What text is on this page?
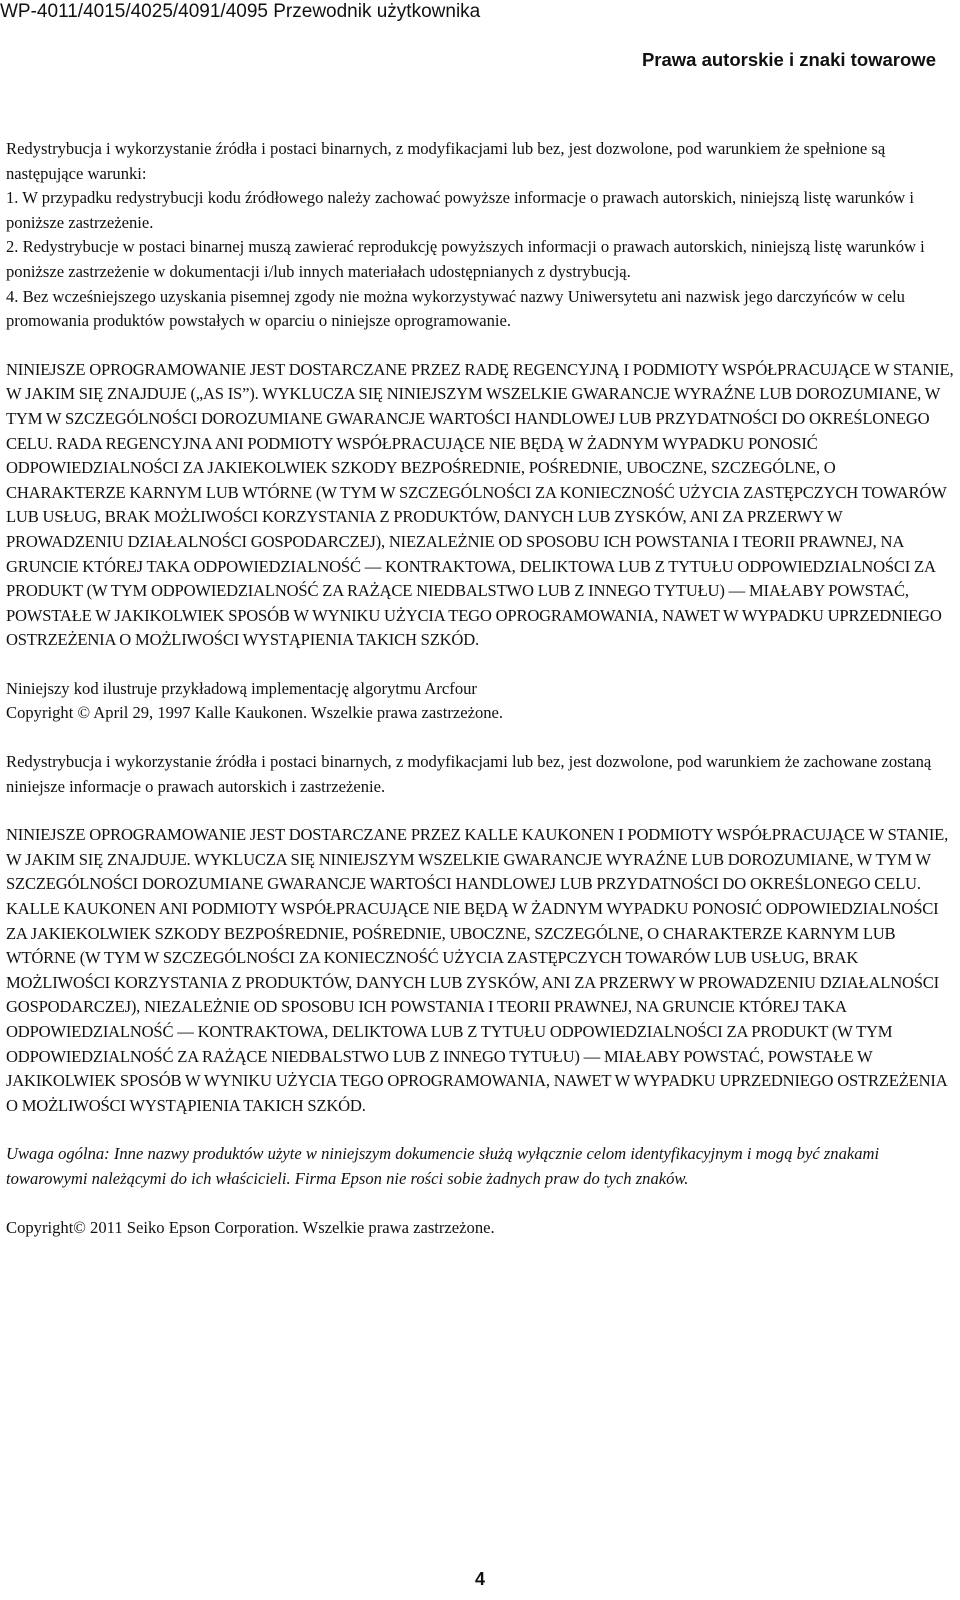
WP-4011/4015/4025/4091/4095 Przewodnik użytkownika
Prawa autorskie i znaki towarowe

Redystrybucja i wykorzystanie źródła i postaci binarnych, z modyfikacjami lub bez, jest dozwolone, pod warunkiem że spełnione są następujące warunki:

1. W przypadku redystrybucji kodu źródłowego należy zachować powyższe informacje o prawach autorskich, niniejszą listę warunków i poniższe zastrzeżenie.

2. Redystrybucje w postaci binarnej muszą zawierać reprodukcję powyższych informacji o prawach autorskich, niniejszą listę warunków i poniższe zastrzeżenie w dokumentacji i/lub innych materiałach udostępnianych z dystrybucją.

4. Bez wcześniejszego uzyskania pisemnej zgody nie można wykorzystywać nazwy Uniwersytetu ani nazwisk jego darczyńców w celu promowania produktów powstałych w oparciu o niniejsze oprogramowanie.

NINIEJSZE OPROGRAMOWANIE JEST DOSTARCZANE PRZEZ RADĘ REGENCYJNĄ I PODMIOTY WSPÓŁPRACUJĄCE W STANIE, W JAKIM SIĘ ZNAJDUJE („AS IS”). WYKLUCZA SIĘ NINIEJSZYM WSZELKIE GWARANCJE WYRAŹNE LUB DOROZUMIANE, W TYM W SZCZEGÓLNOŚCI DOROZUMIANE GWARANCJE WARTOŚCI HANDLOWEJ LUB PRZYDATNOŚCI DO OKREŚLONEGO CELU. RADA REGENCYJNA ANI PODMIOTY WSPÓŁPRACUJĄCE NIE BĘDĄ W ŻADNYM WYPADKU PONOSIĆ ODPOWIEDZIALNOŚCI ZA JAKIEKOLWIEK SZKODY BEZPOŚREDNIE, POŚREDNIE, UBOCZNE, SZCZEGÓLNE, O CHARAKTERZE KARNYM LUB WTÓRNE (W TYM W SZCZEGÓLNOŚCI ZA KONIECZNOŚĆ UŻYCIA ZASTĘPCZYCH TOWARÓW LUB USŁUG, BRAK MOŻLIWOŚCI KORZYSTANIA Z PRODUKTÓW, DANYCH LUB ZYSKÓW, ANI ZA PRZERWY W PROWADZENIU DZIAŁALNOŚCI GOSPODARCZEJ), NIEZALEŻNIE OD SPOSOBU ICH POWSTANIA I TEORII PRAWNEJ, NA GRUNCIE KTÓREJ TAKA ODPOWIEDZIALNOŚĆ — KONTRAKTOWA, DELIKTOWA LUB Z TYTUŁU ODPOWIEDZIALNOŚCI ZA PRODUKT (W TYM ODPOWIEDZIALNOŚĆ ZA RAŻĄCE NIEDBALSTWO LUB Z INNEGO TYTUŁU) — MIAŁABY POWSTAĆ, POWSTAŁE W JAKIKOLWIEK SPOSÓB W WYNIKU UŻYCIA TEGO OPROGRAMOWANIA, NAWET W WYPADKU UPRZEDNIEGO OSTRZEŻENIA O MOŻLIWOŚCI WYSTĄPIENIA TAKICH SZKÓD.

Niniejszy kod ilustruje przykładową implementację algorytmu Arcfour

Copyright © April 29, 1997 Kalle Kaukonen. Wszelkie prawa zastrzeżone.

Redystrybucja i wykorzystanie źródła i postaci binarnych, z modyfikacjami lub bez, jest dozwolone, pod warunkiem że zachowane zostaną niniejsze informacje o prawach autorskich i zastrzeżenie.

NINIEJSZE OPROGRAMOWANIE JEST DOSTARCZANE PRZEZ KALLE KAUKONEN I PODMIOTY WSPÓŁPRACUJĄCE W STANIE, W JAKIM SIĘ ZNAJDUJE. WYKLUCZA SIĘ NINIEJSZYM WSZELKIE GWARANCJE WYRAŹNE LUB DOROZUMIANE, W TYM W SZCZEGÓLNOŚCI DOROZUMIANE GWARANCJE WARTOŚCI HANDLOWEJ LUB PRZYDATNOŚCI DO OKREŚLONEGO CELU. KALLE KAUKONEN ANI PODMIOTY WSPÓŁPRACUJĄCE NIE BĘDĄ W ŻADNYM WYPADKU PONOSIĆ ODPOWIEDZIALNOŚCI ZA JAKIEKOLWIEK SZKODY BEZPOŚREDNIE, POŚREDNIE, UBOCZNE, SZCZEGÓLNE, O CHARAKTERZE KARNYM LUB WTÓRNE (W TYM W SZCZEGÓLNOŚCI ZA KONIECZNOŚĆ UŻYCIA ZASTĘPCZYCH TOWARÓW LUB USŁUG, BRAK MOŻLIWOŚCI KORZYSTANIA Z PRODUKTÓW, DANYCH LUB ZYSKÓW, ANI ZA PRZERWY W PROWADZENIU DZIAŁALNOŚCI GOSPODARCZEJ), NIEZALEŻNIE OD SPOSOBU ICH POWSTANIA I TEORII PRAWNEJ, NA GRUNCIE KTÓREJ TAKA ODPOWIEDZIALNOŚĆ — KONTRAKTOWA, DELIKTOWA LUB Z TYTUŁU ODPOWIEDZIALNOŚCI ZA PRODUKT (W TYM ODPOWIEDZIALNOŚĆ ZA RAŻĄCE NIEDBALSTWO LUB Z INNEGO TYTUŁU) — MIAŁABY POWSTAĆ, POWSTAŁE W JAKIKOLWIEK SPOSÓB W WYNIKU UŻYCIA TEGO OPROGRAMOWANIA, NAWET W WYPADKU UPRZEDNIEGO OSTRZEŻENIA O MOŻLIWOŚCI WYSTĄPIENIA TAKICH SZKÓD.

Uwaga ogólna: Inne nazwy produktów użyte w niniejszym dokumencie służą wyłącznie celom identyfikacyjnym i mogą być znakami towarowymi należącymi do ich właścicieli. Firma Epson nie rości sobie żadnych praw do tych znaków.

Copyright© 2011 Seiko Epson Corporation. Wszelkie prawa zastrzeżone.

4
